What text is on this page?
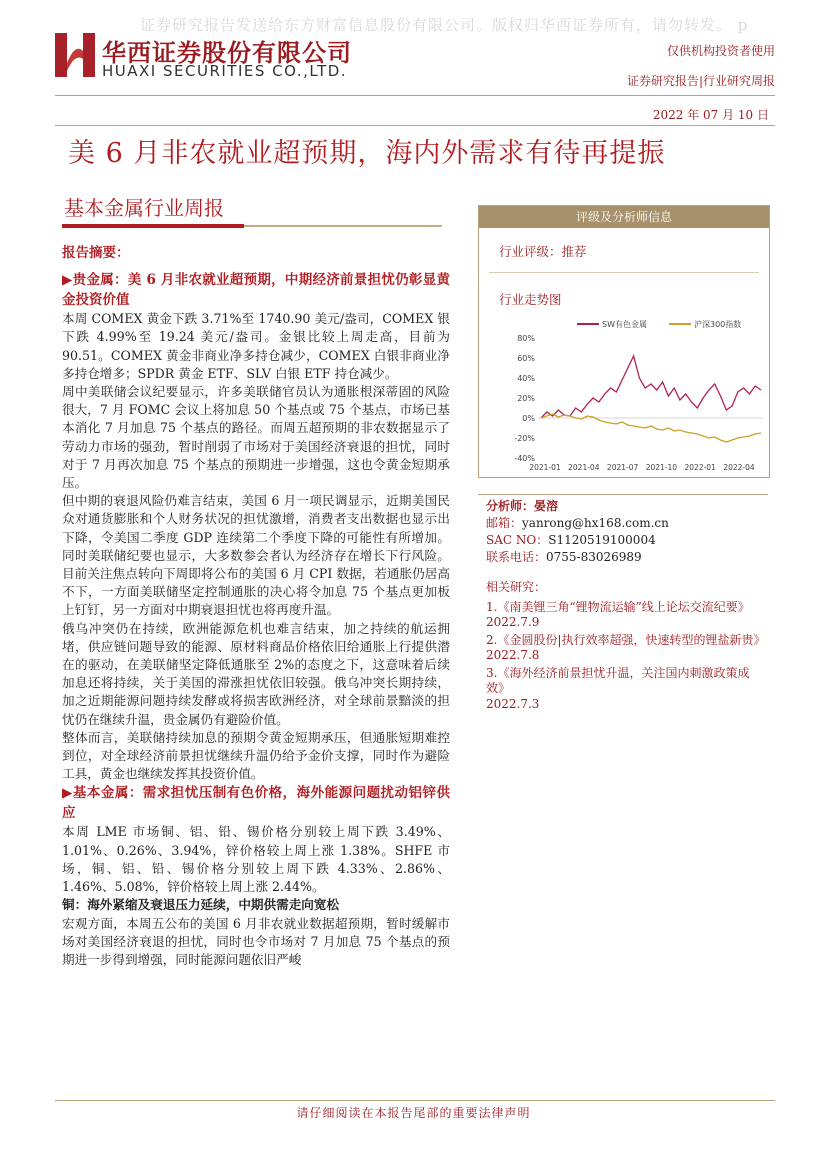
证券研究报告发送给东方财富信息股份有限公司。版权归华西证券所有，请勿转发。 p
华西证券股份有限公司
HUAXI SECURITIES CO.,LTD.
仅供机构投资者使用
证券研究报告|行业研究周报
2022 年 07 月 10 日
美 6 月非农就业超预期，海内外需求有待再提振
基本金属行业周报

报告摘要：

▶贵金属：美 6 月非农就业超预期，中期经济前景担忧仍彰显黄金投资价值

本周 COMEX 黄金下跌 3.71%至 1740.90 美元/盎司，COMEX 银下跌 4.99%至 19.24 美元/盎司。金银比较上周走高，目前为 90.51。COMEX 黄金非商业净多持仓减少，COMEX 白银非商业净多持仓增多；SPDR 黄金 ETF、SLV 白银 ETF 持仓减少。

周中美联储会议纪要显示，许多美联储官员认为通胀根深蒂固的风险很大，7 月 FOMC 会议上将加息 50 个基点或 75 个基点，市场已基本消化 7 月加息 75 个基点的路径。而周五超预期的非农数据显示了劳动力市场的强劲，暂时削弱了市场对于美国经济衰退的担忧，同时对于 7 月再次加息 75 个基点的预期进一步增强，这也令黄金短期承压。

但中期的衰退风险仍难言结束，美国 6 月一项民调显示，近期美国民众对通货膨胀和个人财务状况的担忧激增，消费者支出数据也显示出下降，令美国二季度 GDP 连续第二个季度下降的可能性有所增加。同时美联储纪要也显示，大多数参会者认为经济存在增长下行风险。目前关注焦点转向下周即将公布的美国 6 月 CPI 数据，若通胀仍居高不下，一方面美联储坚定控制通胀的决心将令加息 75 个基点更加板上钉钉，另一方面对中期衰退担忧也将再度升温。

俄乌冲突仍在持续，欧洲能源危机也难言结束，加之持续的航运拥堵，供应链问题导致的能源、原材料商品价格依旧给通胀上行提供潜在的驱动，在美联储坚定降低通胀至 2%的态度之下，这意味着后续加息还将持续，关于美国的滞涨担忧依旧较强。俄乌冲突长期持续，加之近期能源问题持续发酵或将损害欧洲经济，对全球前景黯淡的担忧仍在继续升温，贵金属仍有避险价值。

整体而言，美联储持续加息的预期令黄金短期承压，但通胀短期难控到位，对全球经济前景担忧继续升温仍给予金价支撑，同时作为避险工具，黄金也继续发挥其投资价值。

▶基本金属：需求担忧压制有色价格，海外能源问题扰动铝锌供应

本周 LME 市场铜、铝、铅、锡价格分别较上周下跌 3.49%、1.01%、0.26%、3.94%，锌价格较上周上涨 1.38%。SHFE 市场，铜、铝、铅、锡价格分别较上周下跌 4.33%、2.86%、1.46%、5.08%，锌价格较上周上涨 2.44%。

铜：海外紧缩及衰退压力延续，中期供需走向宽松

宏观方面，本周五公布的美国 6 月非农就业数据超预期，暂时缓解市场对美国经济衰退的担忧，同时也令市场对 7 月加息 75 个基点的预期进一步得到增强，同时能源问题依旧严峻

评级及分析师信息
行业评级：推荐
行业走势图
SW有色金属	沪深300指数
80%
60%
40%
20%
0%
-20%
-40%
2021-01 2021-04 2021-07 2021-10 2022-01 2022-04
分析师：晏溶
邮箱：yanrong@hx168.com.cn
SAC NO：S1120519100004
联系电话：0755-83026989
相关研究：
1.《南美锂三角“锂物流运输”线上论坛交流纪要》
2022.7.9
2.《金圆股份|执行效率超强，快速转型的锂盐新贵》
2022.7.8
3.《海外经济前景担忧升温，关注国内刺激政策成效》
2022.7.3
请仔细阅读在本报告尾部的重要法律声明
